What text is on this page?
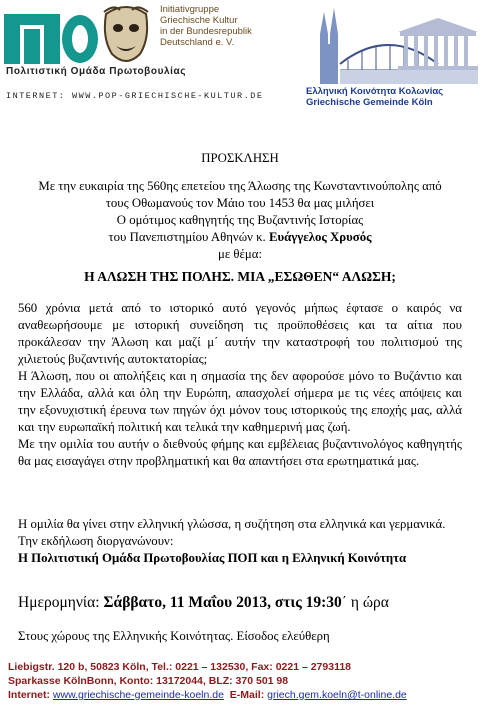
Initiativgruppe
Griechische Kultur
in der Bundesrepublik
Deutschland e. V.
Πολιτιστική Ομάδα Πρωτοβουλίας
INTERNET: WWW.POP-GRIECHISCHE-KULTUR.DE	Ελληνική Κοινότητα Κολωνίας
Griechische Gemeinde Köln
ΠΡΟΣΚΛΗΣΗ
Με την ευκαιρία της 560ης επετείου της Άλωσης της Κωνσταντινούπολης από
τους Οθωμανούς τον Μάιο του 1453 θα μας μιλήσει
Ο ομότιμος καθηγητής της Βυζαντινής Ιστορίας
του Πανεπιστημίου Αθηνών κ. Ευάγγελος Χρυσός
με θέμα:
Η ΑΛΩΣΗ ΤΗΣ ΠΟΛΗΣ. ΜΙΑ „ΕΣΩΘΕΝ“ ΑΛΩΣΗ;

560 χρόνια μετά από το ιστορικό αυτό γεγονός μήπως έφτασε ο καιρός να αναθεωρήσουμε με ιστορική συνείδηση τις προϋποθέσεις και τα αίτια που προκάλεσαν την Άλωση και μαζί μ΄ αυτήν την καταστροφή του πολιτισμού της χιλιετούς βυζαντινής αυτοκτατορίας;

Η Άλωση, που οι απολήξεις και η σημασία της δεν αφορούσε μόνο το Βυζάντιο και την Ελλάδα, αλλά και όλη την Ευρώπη, απασχολεί σήμερα με τις νέες απόψεις και την εξονυχιστική έρευνα των πηγών όχι μόνον τους ιστορικούς της εποχής μας, αλλά και την ευρωπαϊκή πολιτική και τελικά την καθημερινή μας ζωή.

Με την ομιλία του αυτήν ο διεθνούς φήμης και εμβέλειας βυζαντινολόγος καθηγητής θα μας εισαγάγει στην προβληματική και θα απαντήσει στα ερωτηματικά μας.

Η ομιλία θα γίνει στην ελληνική γλώσσα, η συζήτηση στα ελληνικά και γερμανικά.

Την εκδήλωση διοργανώνουν:

Η Πολιτιστική Ομάδα Πρωτοβουλίας ΠΟΠ και η Ελληνική Κοινότητα

Ημερομηνία: Σάββατο, 11 Μαΐου 2013, στις 19:30΄ η ώρα
Στους χώρους της Ελληνικής Κοινότητας. Είσοδος ελεύθερη
Liebigstr. 120 b, 50823 Köln, Tel.: 0221 – 132530, Fax: 0221 – 2793118
Sparkasse KölnBonn, Konto: 13172044, BLZ: 370 501 98
Internet: www.griechische-gemeinde-koeln.de  E-Mail: griech.gem.koeln@t-online.de
